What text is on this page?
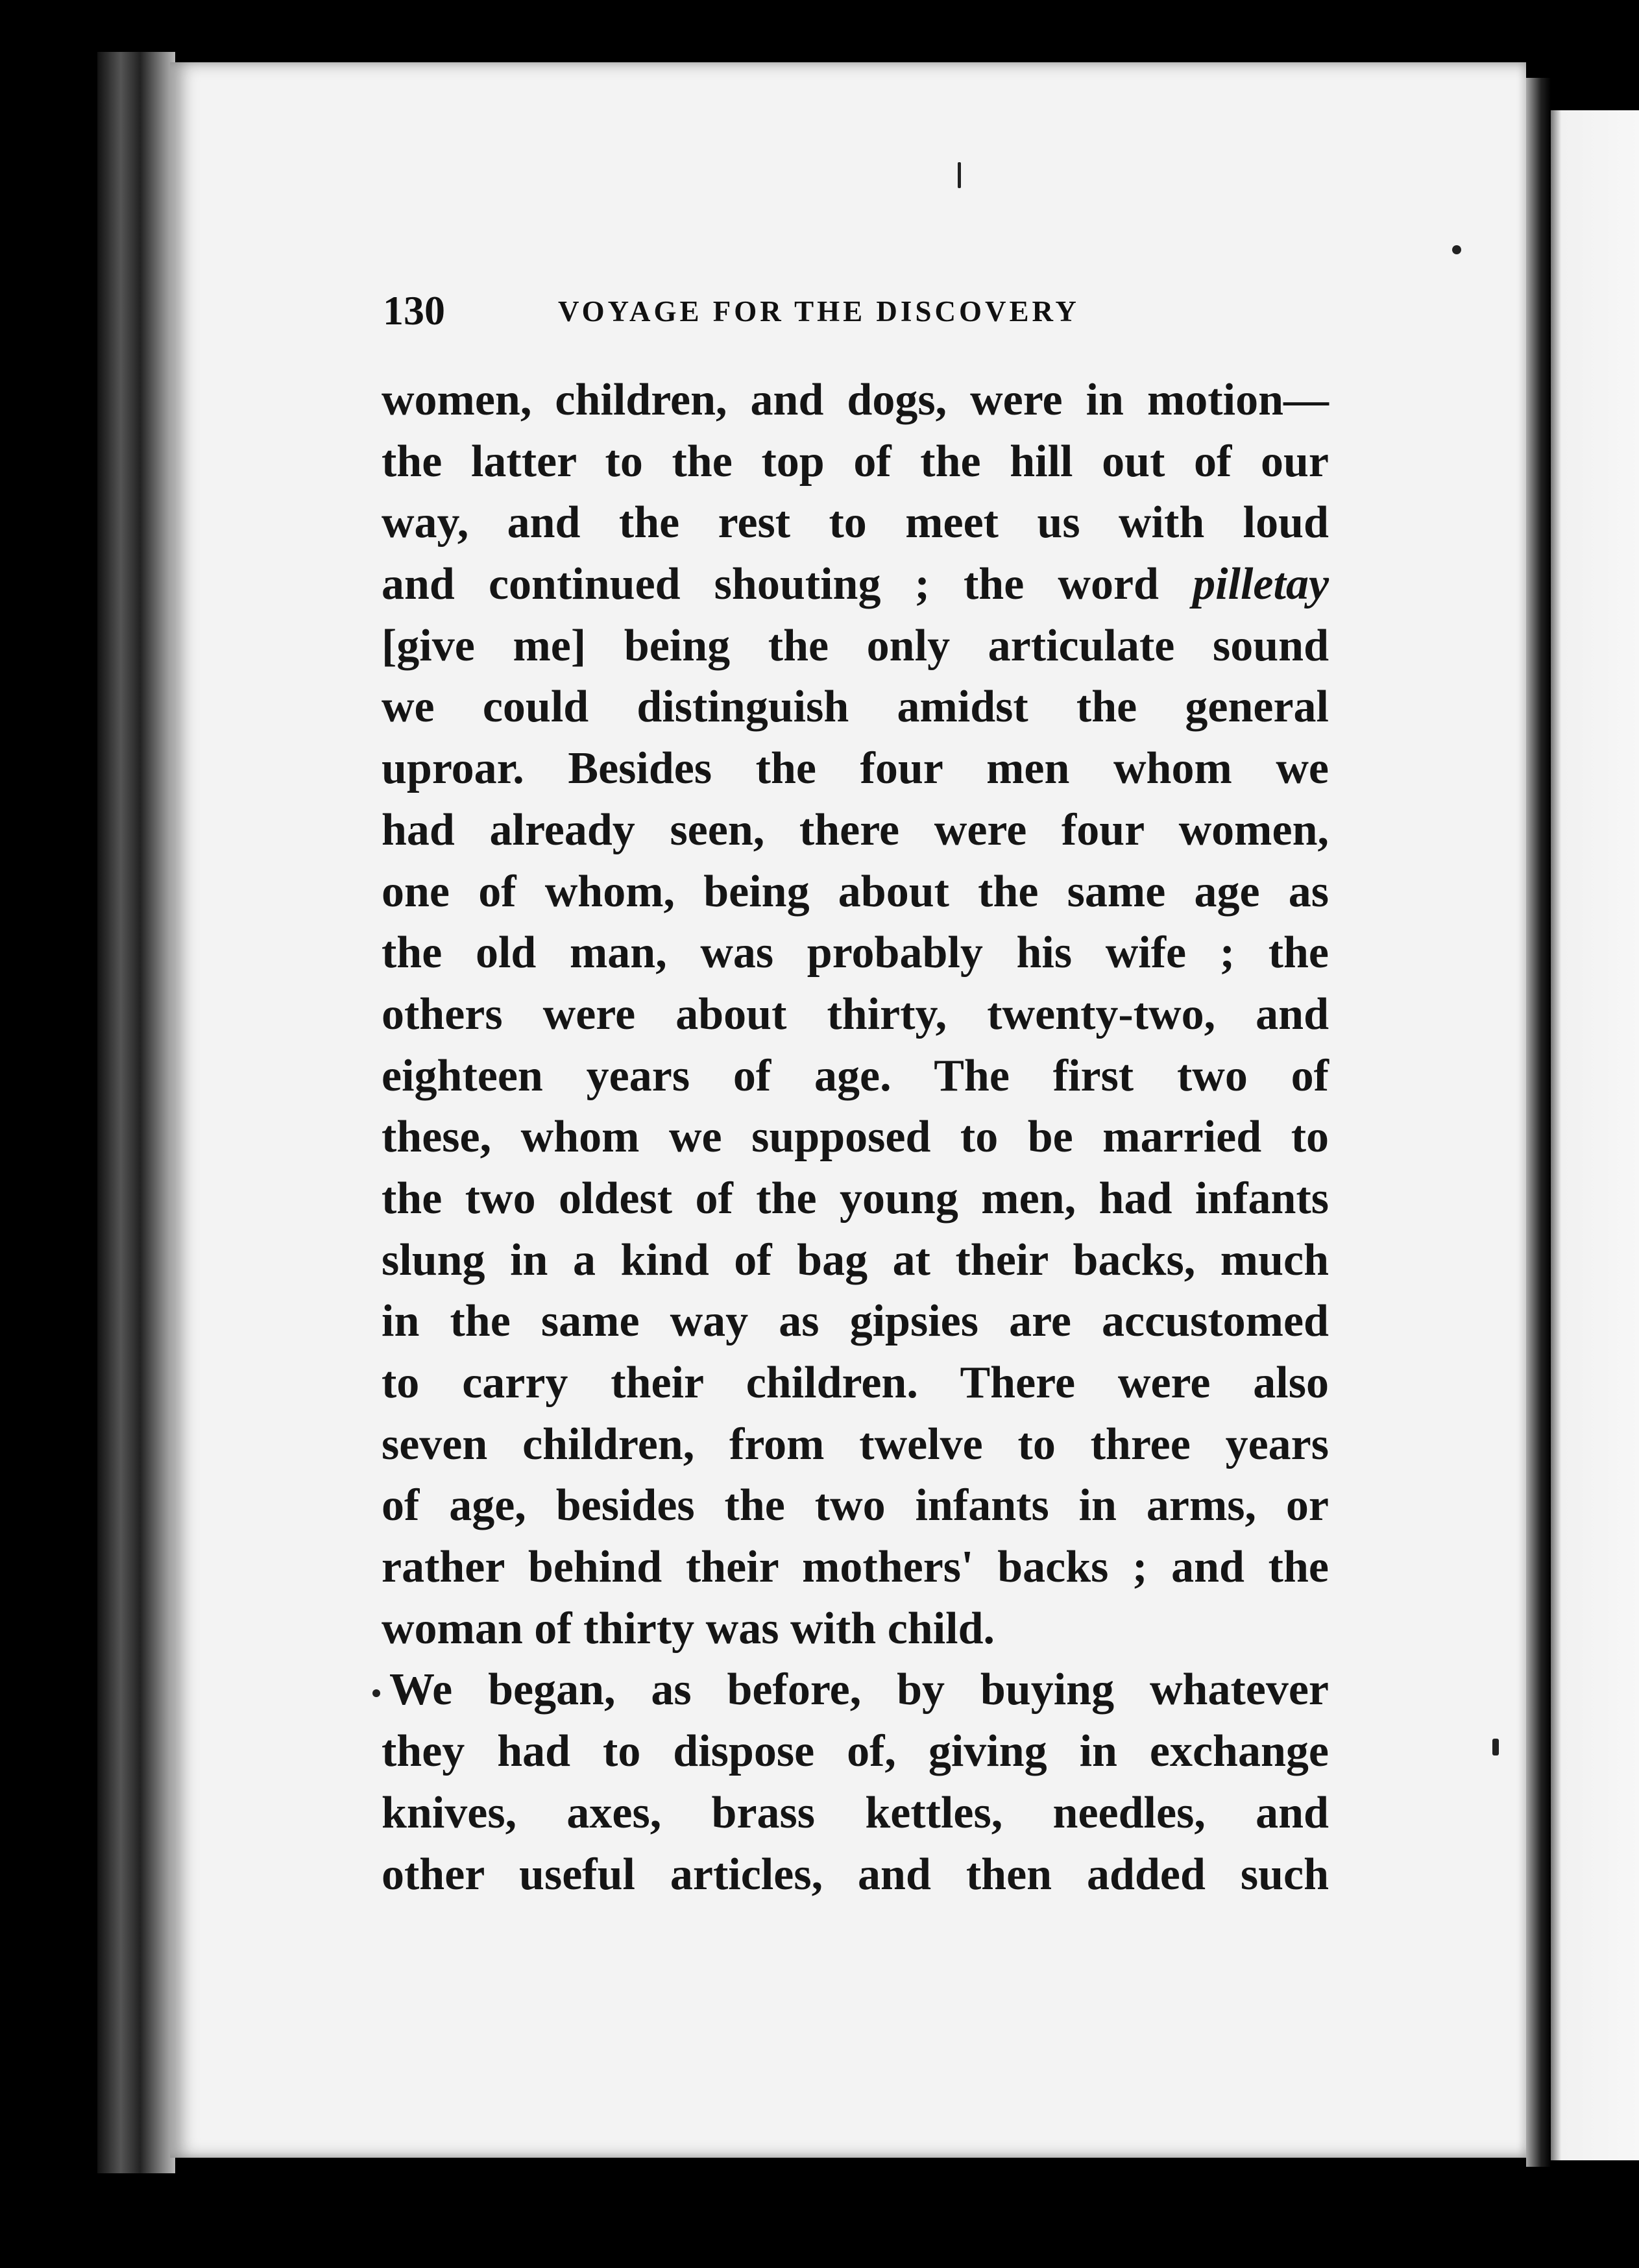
130	VOYAGE FOR THE DISCOVERY
women, children, and dogs, were in motion—
the latter to the top of the hill out of our
way, and the rest to meet us with loud
and continued shouting ; the word pilletay
[give me] being the only articulate sound
we could distinguish amidst the general
uproar. Besides the four men whom we
had already seen, there were four women,
one of whom, being about the same age as
the old man, was probably his wife ; the
others were about thirty, twenty-two, and
eighteen years of age. The first two of
these, whom we supposed to be married to
the two oldest of the young men, had infants
slung in a kind of bag at their backs, much
in the same way as gipsies are accustomed
to carry their children. There were also
seven children, from twelve to three years
of age, besides the two infants in arms, or
rather behind their mothers' backs ; and the
woman of thirty was with child.
We began, as before, by buying whatever
they had to dispose of, giving in exchange
knives, axes, brass kettles, needles, and
other useful articles, and then added such
